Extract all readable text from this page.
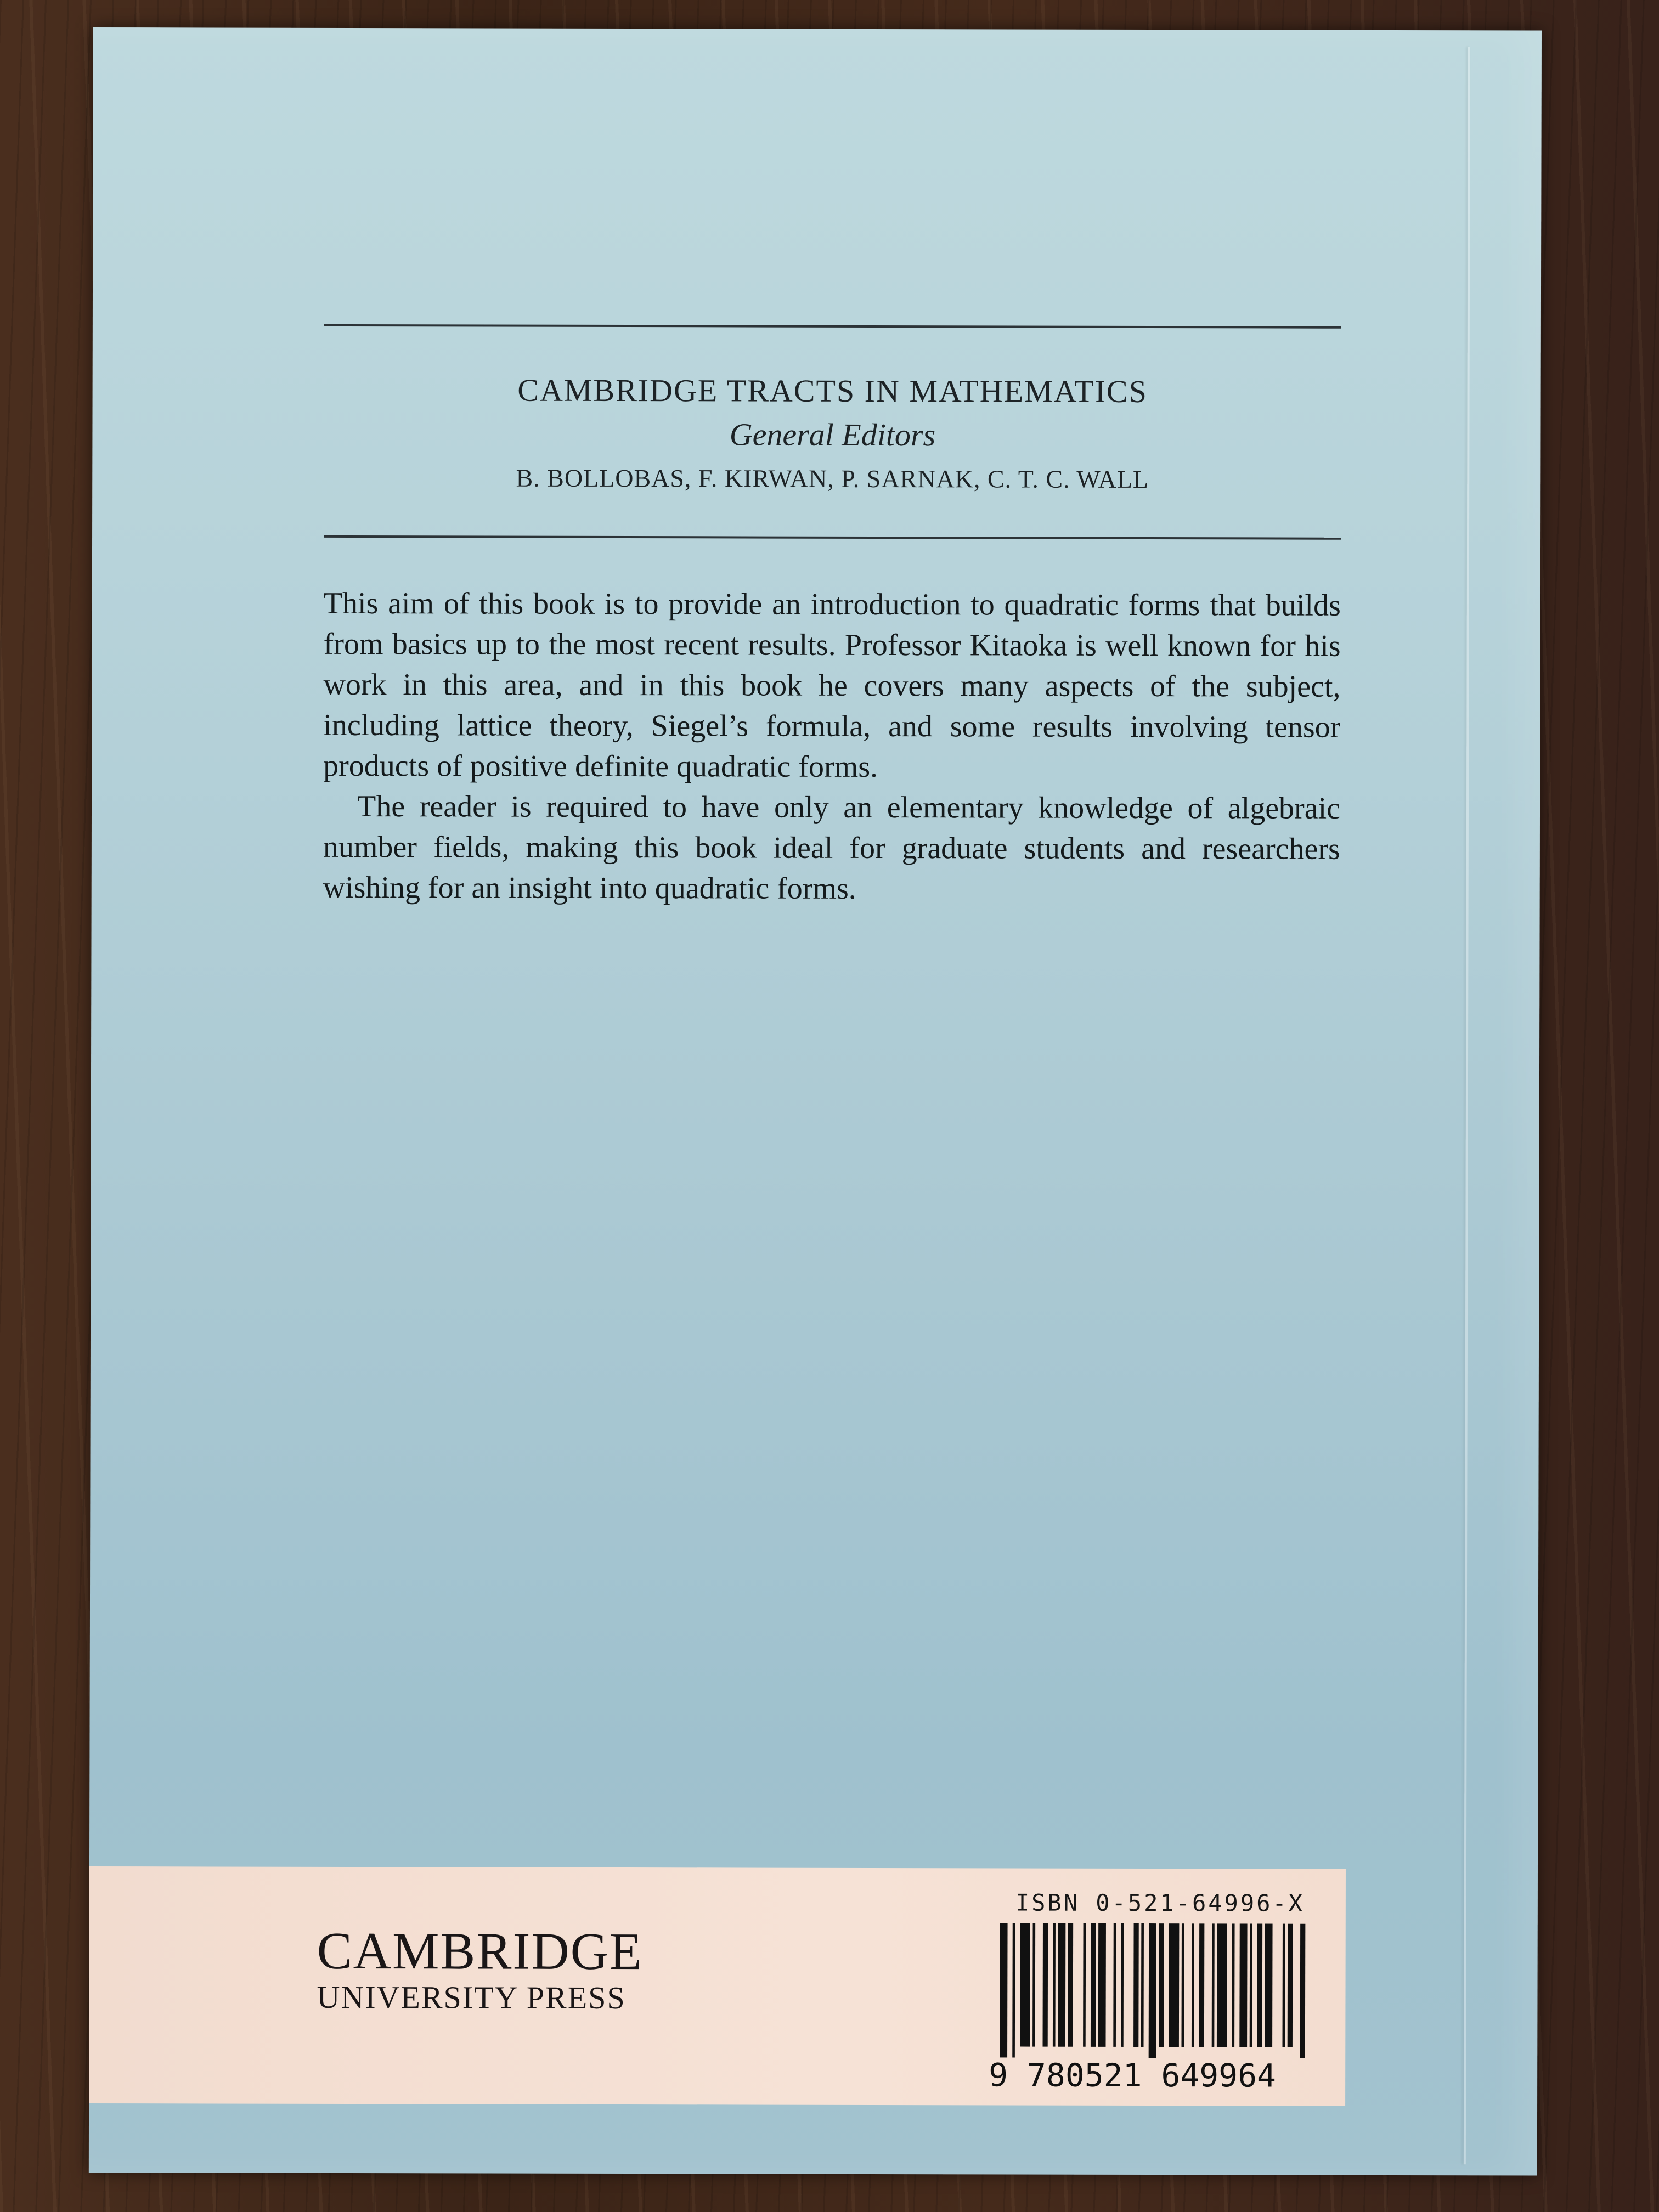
CAMBRIDGE TRACTS IN MATHEMATICS
General Editors
B. BOLLOBAS, F. KIRWAN, P. SARNAK, C. T. C. WALL

This aim of this book is to provide an introduction to quadratic forms that builds from basics up to the most recent results. Professor Kitaoka is well known for his work in this area, and in this book he covers many aspects of the subject, including lattice theory, Siegel’s formula, and some results involving tensor products of positive definite quadratic forms.

The reader is required to have only an elementary knowledge of algebraic number fields, making this book ideal for graduate students and researchers wishing for an insight into quadratic forms.

CAMBRIDGE
UNIVERSITY PRESS
ISBN 0-521-64996-X
9 780521 649964
